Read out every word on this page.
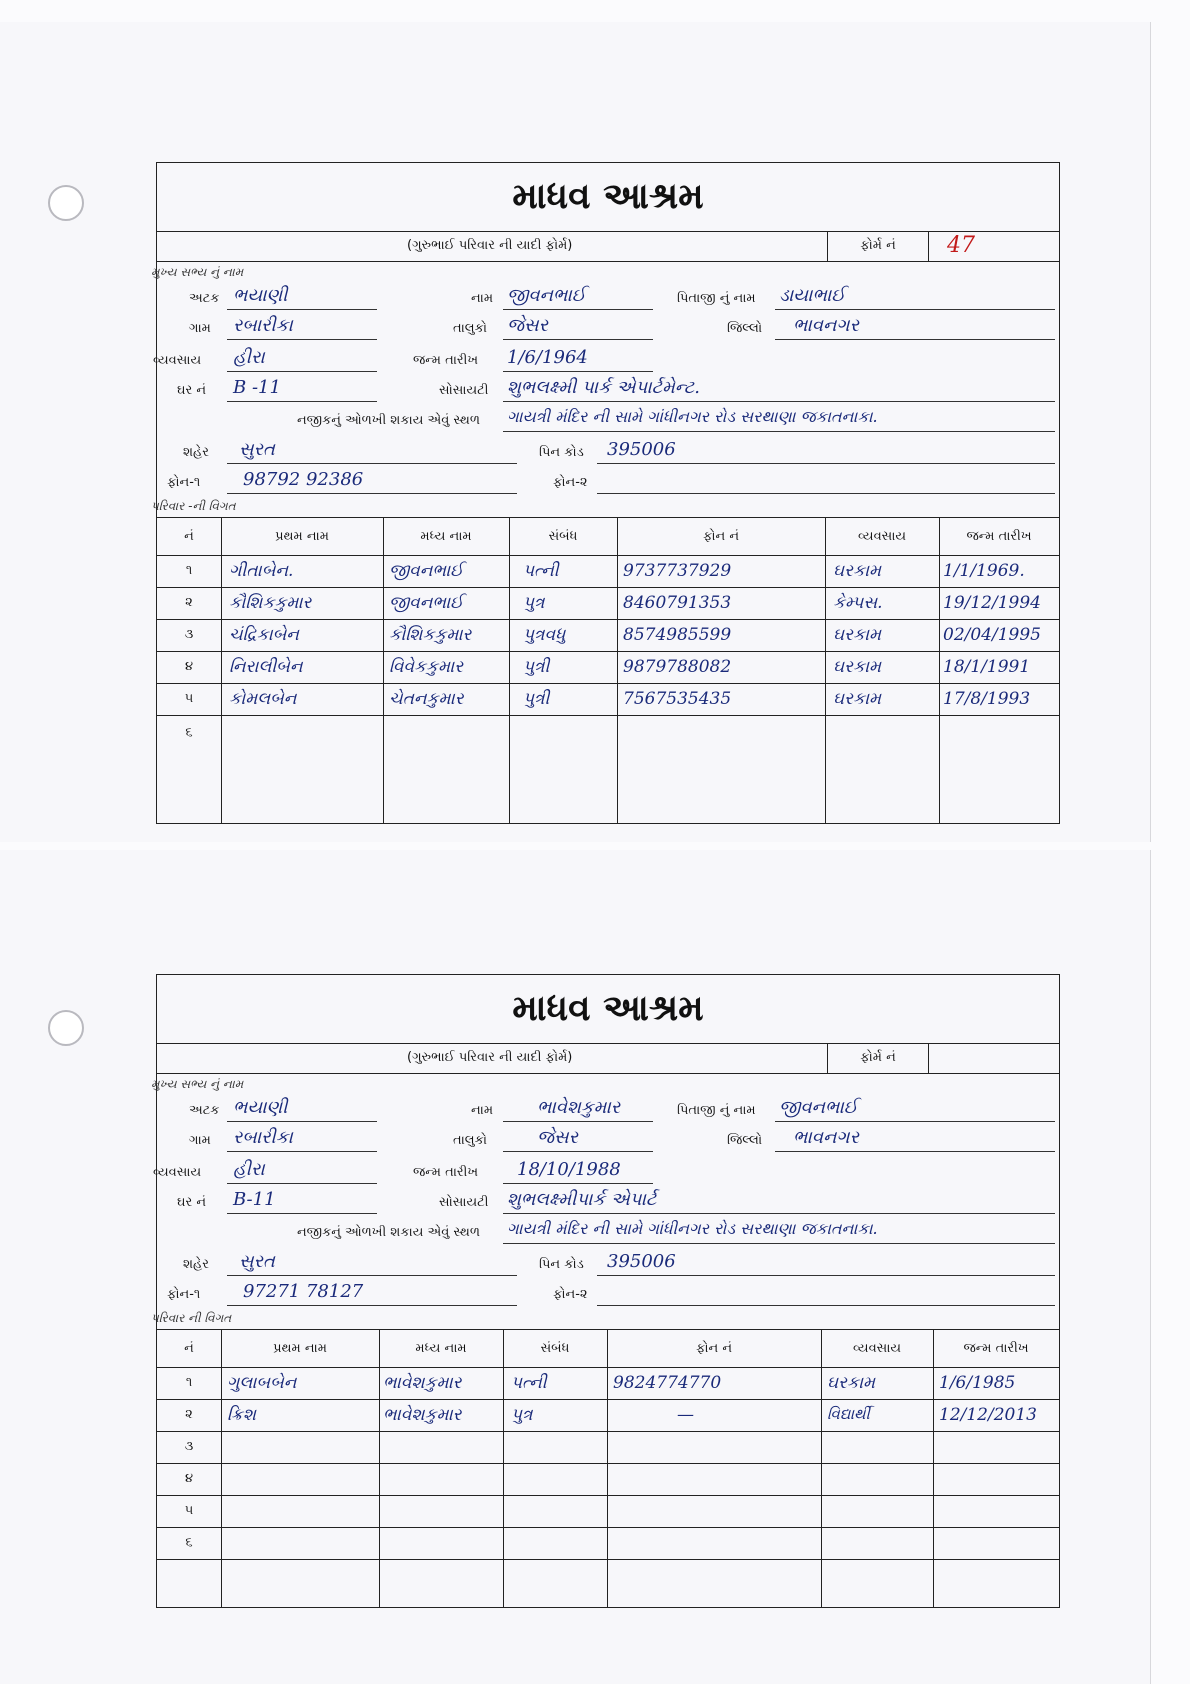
માધવ આશ્રમ
(ગુરુભાઈ પરિવાર ની યાદી ફોર્મ)	ફોર્મ નં	47
મુખ્ય સભ્ય નું નામ
અટક ભયાણી	નામ જીવનભાઈ	પિતાજી નું નામ ડાયાભાઈ
ગામ રબારીકા	તાલુકો જેસર	જિલ્લો ભાવનગર
વ્યવસાય હીરા	જન્મ તારીખ 1/6/1964
ઘર નં B -11	સોસાયટી શુભલક્ષ્મી પાર્ક એપાર્ટમેન્ટ.
નજીકનું ઓળખી શકાય એવું સ્થળ ગાયત્રી મંદિર ની સામે ગાંધીનગર રોડ સરથાણા જકાતનાકા.
શહેર સુરત	પિન કોડ 395006
ફોન-૧ 98792 92386	ફોન-૨
પરિવાર -ની વિગત
નં	પ્રથમ નામ	મધ્ય નામ	સંબંધ	ફોન નં	વ્યવસાય	જન્મ તારીખ
૧	ગીતાબેન.	જીવનભાઈ	પત્ની	9737737929	ઘરકામ	1/1/1969.
૨	કૌશિકકુમાર	જીવનભાઈ	પુત્ર	8460791353	કેમ્પસ.	19/12/1994
૩	ચંદ્રિકાબેન	કૌશિકકુમાર	પુત્રવધુ	8574985599	ઘરકામ	02/04/1995
૪	નિરાલીબેન	વિવેકકુમાર	પુત્રી	9879788082	ઘરકામ	18/1/1991
૫	કોમલબેન	ચેતનકુમાર	પુત્રી	7567535435	ઘરકામ	17/8/1993
૬
માધવ આશ્રમ
(ગુરુભાઈ પરિવાર ની યાદી ફોર્મ)	ફોર્મ નં
મુખ્ય સભ્ય નું નામ
અટક ભયાણી	નામ ભાવેશકુમાર	પિતાજી નું નામ જીવનભાઈ
ગામ રબારીકા	તાલુકો	જેસર	જિલ્લો ભાવનગર
વ્યવસાય હીરા	જન્મ તારીખ 18/10/1988
ઘર નં B-11	સોસાયટી શુભલક્ષ્મીપાર્ક એપાર્ટ
નજીકનું ઓળખી શકાય એવું સ્થળ ગાયત્રી મંદિર ની સામે ગાંધીનગર રોડ સરથાણા જકાતનાકા.
શહેર સુરત	પિન કોડ 395006
ફોન-૧ 97271 78127	ફોન-૨
પરિવાર ની વિગત
નં	પ્રથમ નામ	મધ્ય નામ	સંબંધ	ફોન નં	વ્યવસાય	જન્મ તારીખ
૧	ગુલાબબેન	ભાવેશકુમાર	પત્ની	9824774770	ઘરકામ	1/6/1985
૨	ક્રિશ	ભાવેશકુમાર	પુત્ર	—	વિદ્યાર્થી	12/12/2013
૩
૪
૫
૬
